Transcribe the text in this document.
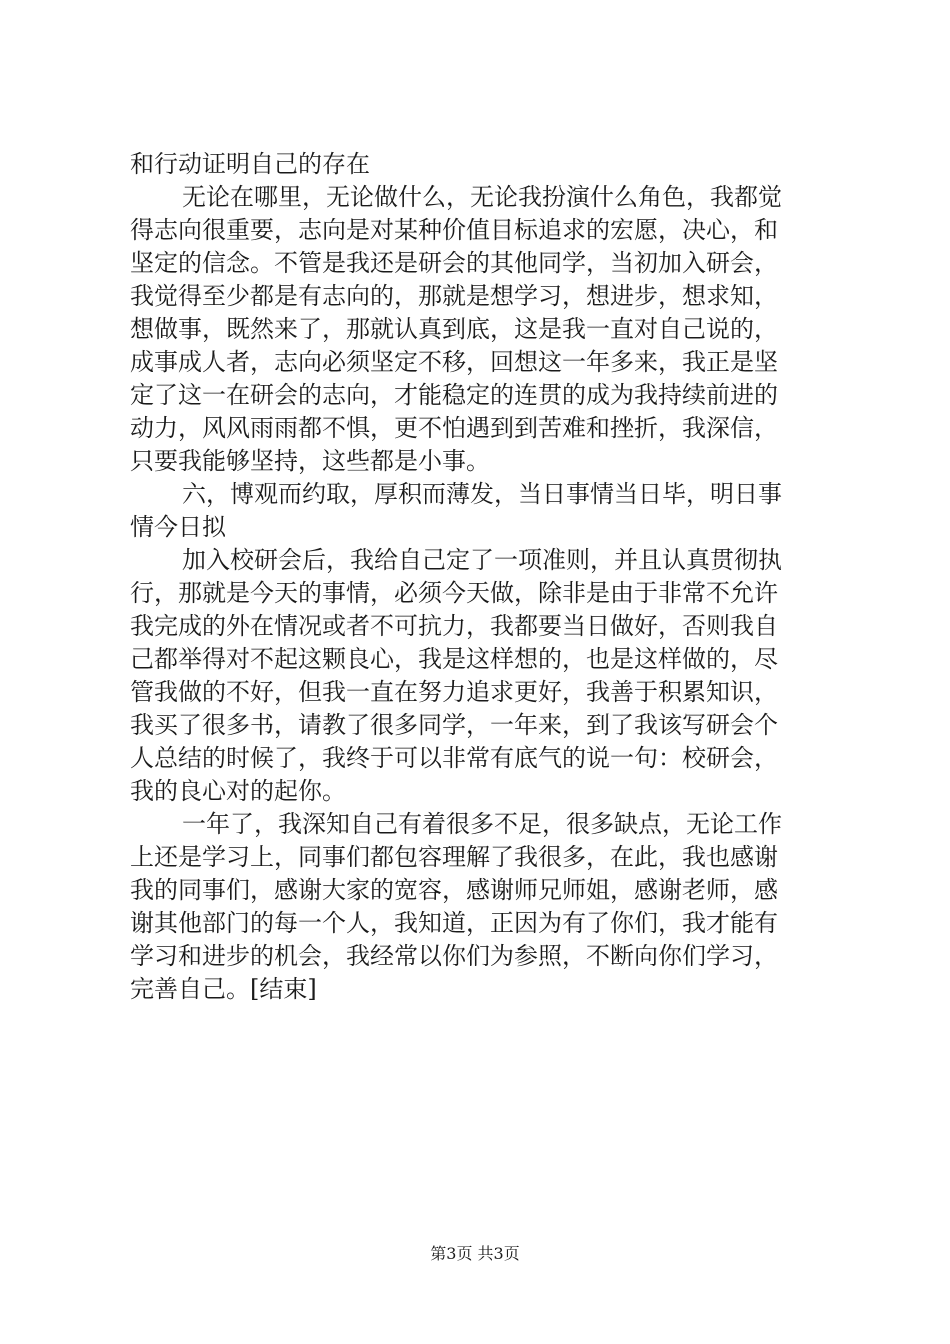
和行动证明自己的存在
无论在哪里，无论做什么，无论我扮演什么角色，我都觉
得志向很重要，志向是对某种价值目标追求的宏愿，决心，和
坚定的信念。不管是我还是研会的其他同学，当初加入研会，
我觉得至少都是有志向的，那就是想学习，想进步，想求知，
想做事，既然来了，那就认真到底，这是我一直对自己说的，
成事成人者，志向必须坚定不移，回想这一年多来，我正是坚
定了这一在研会的志向，才能稳定的连贯的成为我持续前进的
动力，风风雨雨都不惧，更不怕遇到到苦难和挫折，我深信，
只要我能够坚持，这些都是小事。
六，博观而约取，厚积而薄发，当日事情当日毕，明日事
情今日拟
加入校研会后，我给自己定了一项准则，并且认真贯彻执
行，那就是今天的事情，必须今天做，除非是由于非常不允许
我完成的外在情况或者不可抗力，我都要当日做好，否则我自
己都举得对不起这颗良心，我是这样想的，也是这样做的，尽
管我做的不好，但我一直在努力追求更好，我善于积累知识，
我买了很多书，请教了很多同学，一年来，到了我该写研会个
人总结的时候了，我终于可以非常有底气的说一句：校研会，
我的良心对的起你。
一年了，我深知自己有着很多不足，很多缺点，无论工作
上还是学习上，同事们都包容理解了我很多，在此，我也感谢
我的同事们，感谢大家的宽容，感谢师兄师姐，感谢老师，感
谢其他部门的每一个人，我知道，正因为有了你们，我才能有
学习和进步的机会，我经常以你们为参照，不断向你们学习，
完善自己。[结束]
第3页 共3页
